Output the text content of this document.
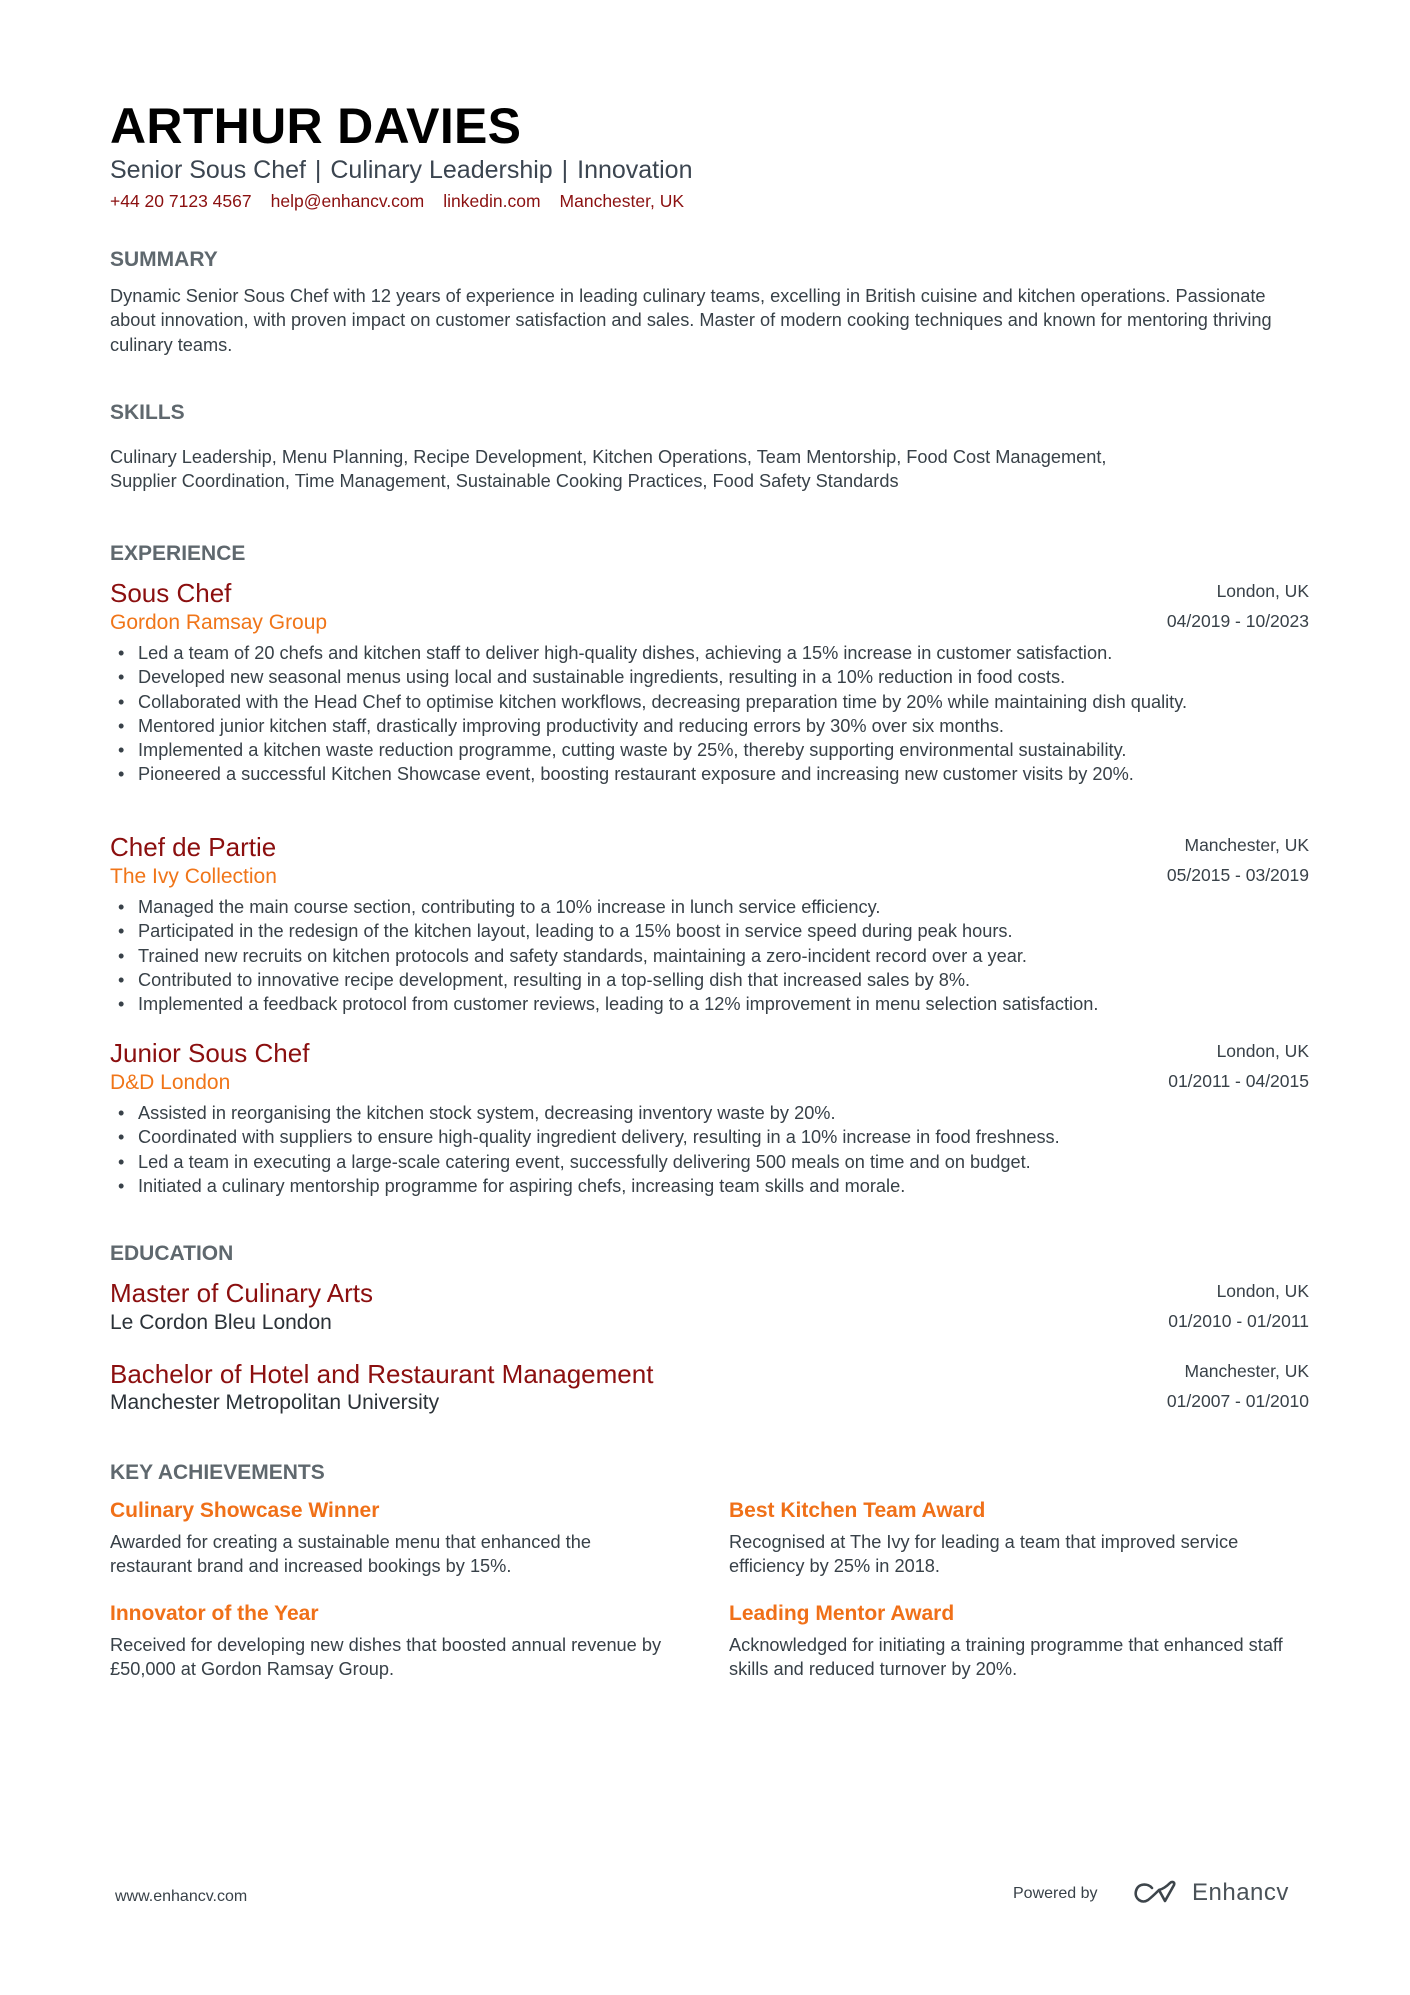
ARTHUR DAVIES
Senior Sous Chef | Culinary Leadership | Innovation
+44 20 7123 4567 help@enhancv.com linkedin.com Manchester, UK
SUMMARY
Dynamic Senior Sous Chef with 12 years of experience in leading culinary teams, excelling in British cuisine and kitchen operations. Passionate about innovation, with proven impact on customer satisfaction and sales. Master of modern cooking techniques and known for mentoring thriving culinary teams.
SKILLS
Culinary Leadership, Menu Planning, Recipe Development, Kitchen Operations, Team Mentorship, Food Cost Management,
Supplier Coordination, Time Management, Sustainable Cooking Practices, Food Safety Standards
EXPERIENCE
Sous Chef
Gordon Ramsay Group
London, UK
04/2019 - 10/2023
• Led a team of 20 chefs and kitchen staff to deliver high-quality dishes, achieving a 15% increase in customer satisfaction.
• Developed new seasonal menus using local and sustainable ingredients, resulting in a 10% reduction in food costs.
• Collaborated with the Head Chef to optimise kitchen workflows, decreasing preparation time by 20% while maintaining dish quality.
• Mentored junior kitchen staff, drastically improving productivity and reducing errors by 30% over six months.
• Implemented a kitchen waste reduction programme, cutting waste by 25%, thereby supporting environmental sustainability.
• Pioneered a successful Kitchen Showcase event, boosting restaurant exposure and increasing new customer visits by 20%.
Chef de Partie
The Ivy Collection
Manchester, UK
05/2015 - 03/2019
• Managed the main course section, contributing to a 10% increase in lunch service efficiency.
• Participated in the redesign of the kitchen layout, leading to a 15% boost in service speed during peak hours.
• Trained new recruits on kitchen protocols and safety standards, maintaining a zero-incident record over a year.
• Contributed to innovative recipe development, resulting in a top-selling dish that increased sales by 8%.
• Implemented a feedback protocol from customer reviews, leading to a 12% improvement in menu selection satisfaction.
Junior Sous Chef
D&D London
London, UK
01/2011 - 04/2015
• Assisted in reorganising the kitchen stock system, decreasing inventory waste by 20%.
• Coordinated with suppliers to ensure high-quality ingredient delivery, resulting in a 10% increase in food freshness.
• Led a team in executing a large-scale catering event, successfully delivering 500 meals on time and on budget.
• Initiated a culinary mentorship programme for aspiring chefs, increasing team skills and morale.
EDUCATION
Master of Culinary Arts
Le Cordon Bleu London
London, UK
01/2010 - 01/2011
Bachelor of Hotel and Restaurant Management
Manchester Metropolitan University
Manchester, UK
01/2007 - 01/2010
KEY ACHIEVEMENTS
Culinary Showcase Winner
Awarded for creating a sustainable menu that enhanced the restaurant brand and increased bookings by 15%.
Best Kitchen Team Award
Recognised at The Ivy for leading a team that improved service efficiency by 25% in 2018.
Innovator of the Year
Received for developing new dishes that boosted annual revenue by £50,000 at Gordon Ramsay Group.
Leading Mentor Award
Acknowledged for initiating a training programme that enhanced staff skills and reduced turnover by 20%.
www.enhancv.com	Powered by	Enhancv
